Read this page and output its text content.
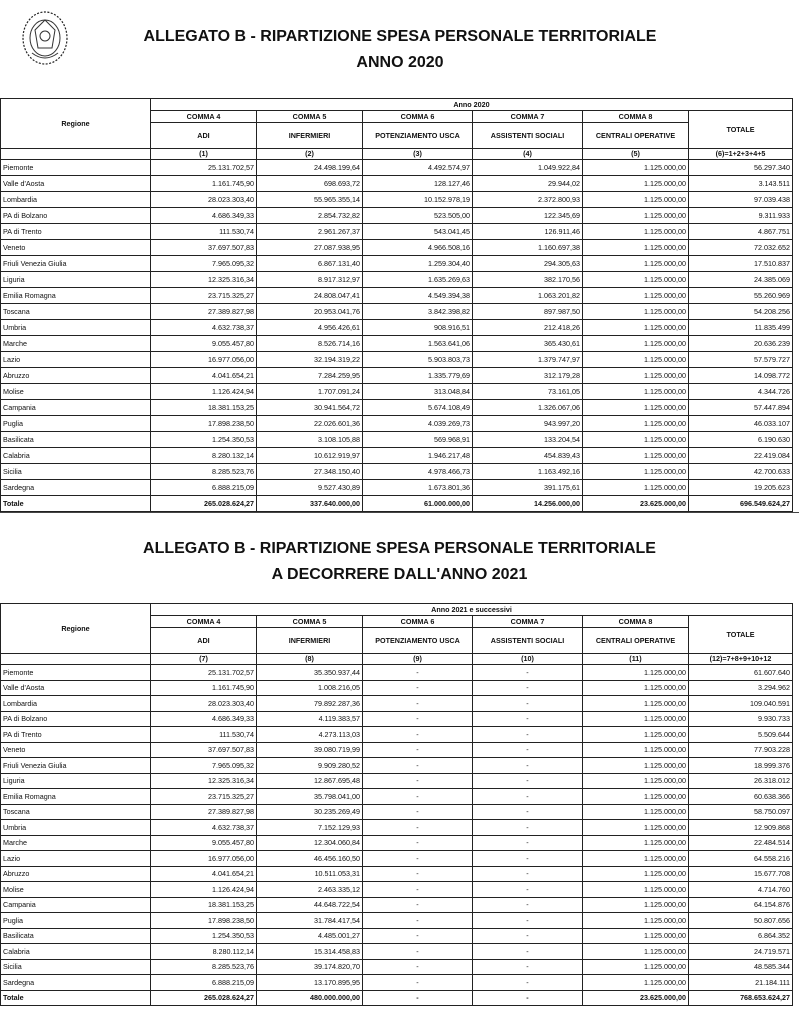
ALLEGATO B - RIPARTIZIONE SPESA PERSONALE TERRITORIALE
ANNO 2020
Regione	Anno 2020					
	COMMA 4	COMMA 5	COMMA 6	COMMA 7	COMMA 8	TOTALE
	ADI	INFERMIERI	POTENZIAMENTO USCA	ASSISTENTI SOCIALI	CENTRALI OPERATIVE	
	(1)	(2)	(3)	(4)	(5)	(6)=1+2+3+4+5
Piemonte	25.131.702,57	24.498.199,64	4.492.574,97	1.049.922,84	1.125.000,00	56.297.340
Valle d'Aosta	1.161.745,90	698.693,72	128.127,46	29.944,02	1.125.000,00	3.143.511
Lombardia	28.023.303,40	55.965.355,14	10.152.978,19	2.372.800,93	1.125.000,00	97.039.438
PA di Bolzano	4.686.349,33	2.854.732,82	523.505,00	122.345,69	1.125.000,00	9.311.933
PA di Trento	111.530,74	2.961.267,37	543.041,45	126.911,46	1.125.000,00	4.867.751
Veneto	37.697.507,83	27.087.938,95	4.966.508,16	1.160.697,38	1.125.000,00	72.032.652
Friuli Venezia Giulia	7.965.095,32	6.867.131,40	1.259.304,40	294.305,63	1.125.000,00	17.510.837
Liguria	12.325.316,34	8.917.312,97	1.635.269,63	382.170,56	1.125.000,00	24.385.069
Emilia Romagna	23.715.325,27	24.808.047,41	4.549.394,38	1.063.201,82	1.125.000,00	55.260.969
Toscana	27.389.827,98	20.953.041,76	3.842.398,82	897.987,50	1.125.000,00	54.208.256
Umbria	4.632.738,37	4.956.426,61	908.916,51	212.418,26	1.125.000,00	11.835.499
Marche	9.055.457,80	8.526.714,16	1.563.641,06	365.430,61	1.125.000,00	20.636.239
Lazio	16.977.056,00	32.194.319,22	5.903.803,73	1.379.747,97	1.125.000,00	57.579.727
Abruzzo	4.041.654,21	7.284.259,95	1.335.779,69	312.179,28	1.125.000,00	14.098.772
Molise	1.126.424,94	1.707.091,24	313.048,84	73.161,05	1.125.000,00	4.344.726
Campania	18.381.153,25	30.941.564,72	5.674.108,49	1.326.067,06	1.125.000,00	57.447.894
Puglia	17.898.238,50	22.026.601,36	4.039.269,73	943.997,20	1.125.000,00	46.033.107
Basilicata	1.254.350,53	3.108.105,88	569.968,91	133.204,54	1.125.000,00	6.190.630
Calabria	8.280.132,14	10.612.919,97	1.946.217,48	454.839,43	1.125.000,00	22.419.084
Sicilia	8.285.523,76	27.348.150,40	4.978.466,73	1.163.492,16	1.125.000,00	42.700.633
Sardegna	6.888.215,09	9.527.430,89	1.673.801,36	391.175,61	1.125.000,00	19.205.623
Totale	265.028.624,27	337.640.000,00	61.000.000,00	14.256.000,00	23.625.000,00	696.549.624,27
ALLEGATO B - RIPARTIZIONE SPESA PERSONALE TERRITORIALE
A DECORRERE DALL'ANNO 2021
Regione	Anno 2021 e successivi					
	COMMA 4	COMMA 5	COMMA 6	COMMA 7	COMMA 8	TOTALE
	ADI	INFERMIERI	POTENZIAMENTO USCA	ASSISTENTI SOCIALI	CENTRALI OPERATIVE	
	(7)	(8)	(9)	(10)	(11)	(12)=7+8+9+10+12
Piemonte	25.131.702,57	35.350.937,44	-	-	1.125.000,00	61.607.640
Valle d'Aosta	1.161.745,90	1.008.216,05	-	-	1.125.000,00	3.294.962
Lombardia	28.023.303,40	79.892.287,36	-	-	1.125.000,00	109.040.591
PA di Bolzano	4.686.349,33	4.119.383,57	-	-	1.125.000,00	9.930.733
PA di Trento	111.530,74	4.273.113,03	-	-	1.125.000,00	5.509.644
Veneto	37.697.507,83	39.080.719,99	-	-	1.125.000,00	77.903.228
Friuli Venezia Giulia	7.965.095,32	9.909.280,52	-	-	1.125.000,00	18.999.376
Liguria	12.325.316,34	12.867.695,48	-	-	1.125.000,00	26.318.012
Emilia Romagna	23.715.325,27	35.798.041,00	-	-	1.125.000,00	60.638.366
Toscana	27.389.827,98	30.235.269,49	-	-	1.125.000,00	58.750.097
Umbria	4.632.738,37	7.152.129,93	-	-	1.125.000,00	12.909.868
Marche	9.055.457,80	12.304.060,84	-	-	1.125.000,00	22.484.514
Lazio	16.977.056,00	46.456.160,50	-	-	1.125.000,00	64.558.216
Abruzzo	4.041.654,21	10.511.053,31	-	-	1.125.000,00	15.677.708
Molise	1.126.424,94	2.463.335,12	-	-	1.125.000,00	4.714.760
Campania	18.381.153,25	44.648.722,54	-	-	1.125.000,00	64.154.876
Puglia	17.898.238,50	31.784.417,54	-	-	1.125.000,00	50.807.656
Basilicata	1.254.350,53	4.485.001,27	-	-	1.125.000,00	6.864.352
Calabria	8.280.112,14	15.314.458,83	-	-	1.125.000,00	24.719.571
Sicilia	8.285.523,76	39.174.820,70	-	-	1.125.000,00	48.585.344
Sardegna	6.888.215,09	13.170.895,95	-	-	1.125.000,00	21.184.111
Totale	265.028.624,27	480.000.000,00	-	-	23.625.000,00	768.653.624,27
